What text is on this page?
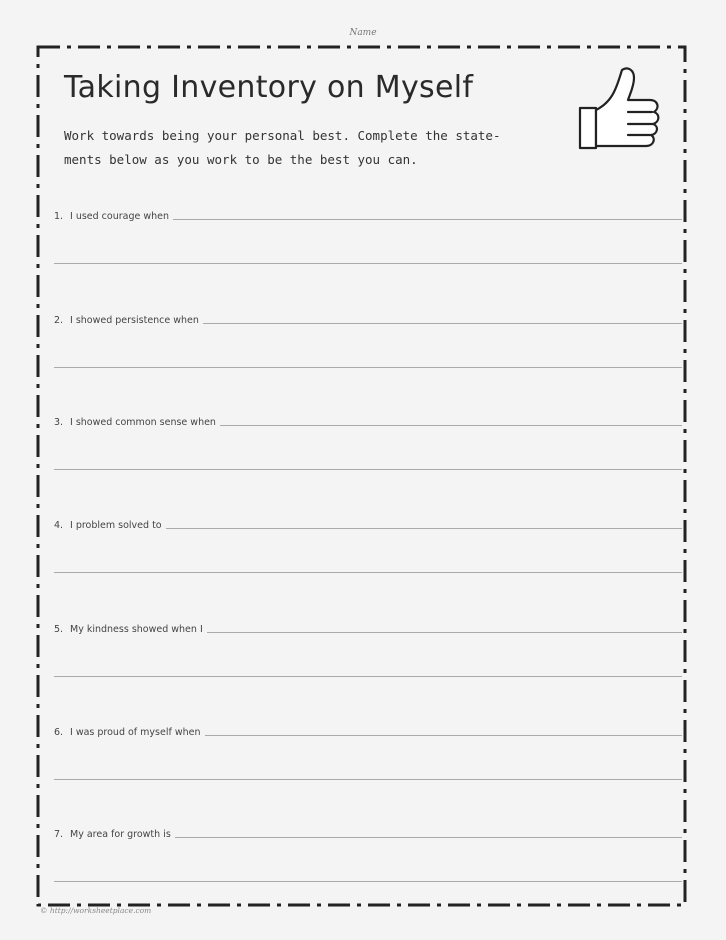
Name
Taking Inventory on Myself
Work towards being your personal best. Complete the state-
ments below as you work to be the best you can.
1. I used courage when
2. I showed persistence when
3. I showed common sense when
4. I problem solved to
5. My kindness showed when I
6. I was proud of myself when
7. My area for growth is
© http://worksheetplace.com
